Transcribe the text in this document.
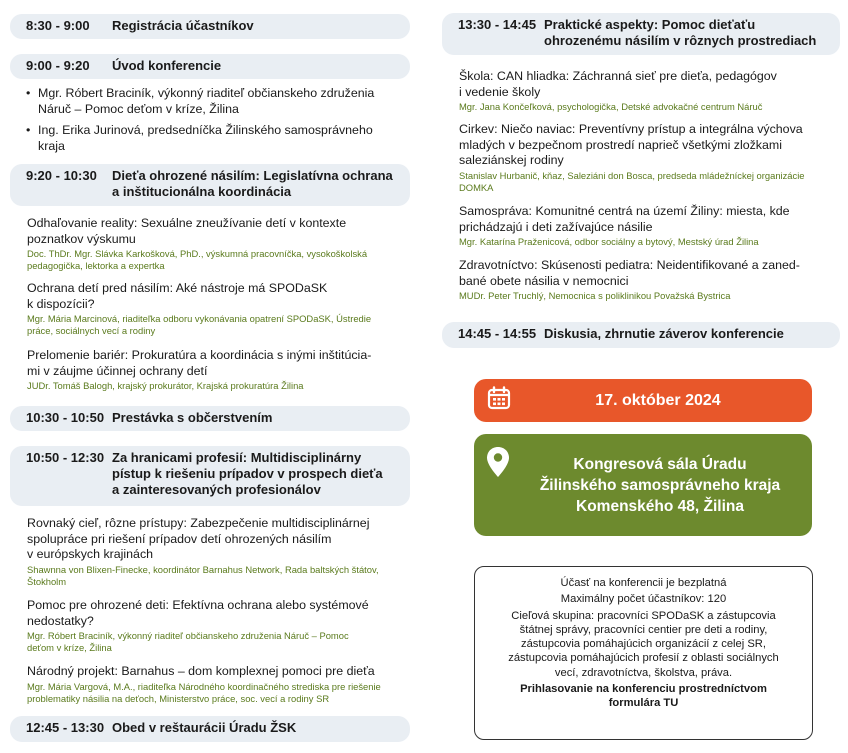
8:30 - 9:00	Registrácia účastníkov
9:00 - 9:20	Úvod konferencie
• Mgr. Róbert Braciník, výkonný riaditeľ občianskeho združenia
Náruč – Pomoc deťom v kríze, Žilina
• Ing. Erika Jurinová, predsedníčka Žilinského samosprávneho
kraja
9:20 - 10:30	Dieťa ohrozené násilím: Legislatívna ochrana
a inštitucionálna koordinácia
Odhaľovanie reality: Sexuálne zneužívanie detí v kontexte
poznatkov výskumu
Doc. ThDr. Mgr. Slávka Karkošková, PhD., výskumná pracovníčka, vysokoškolská
pedagogička, lektorka a expertka
Ochrana detí pred násilím: Aké nástroje má SPODaSK
k dispozícii?
Mgr. Mária Marcinová, riaditeľka odboru vykonávania opatrení SPODaSK, Ústredie
práce, sociálnych vecí a rodiny
Prelomenie bariér: Prokuratúra a koordinácia s inými inštitúcia-
mi v záujme účinnej ochrany detí
JUDr. Tomáš Balogh, krajský prokurátor, Krajská prokuratúra Žilina
10:30 - 10:50 Prestávka s občerstvením
10:50 - 12:30 Za hranicami profesií: Multidisciplinárny
pístup k riešeniu prípadov v prospech dieťa
a zainteresovaných profesionálov
Rovnaký cieľ, rôzne prístupy: Zabezpečenie multidisciplinárnej
spolupráce pri riešení prípadov detí ohrozených násilím
v európskych krajinách
Shawnna von Blixen-Finecke, koordinátor Barnahus Network, Rada baltských štátov,
Štokholm
Pomoc pre ohrozené deti: Efektívna ochrana alebo systémové
nedostatky?
Mgr. Róbert Braciník, výkonný riaditeľ občianskeho združenia Náruč – Pomoc
deťom v kríze, Žilina
Národný projekt: Barnahus – dom komplexnej pomoci pre dieťa
Mgr. Mária Vargová, M.A., riaditeľka Národného koordinačného strediska pre riešenie
problematiky násilia na deťoch, Ministerstvo práce, soc. vecí a rodiny SR
12:45 - 13:30 Obed v reštaurácii Úradu ŽSK
13:30 - 14:45 Praktické aspekty: Pomoc dieťaťu
ohrozenému násilím v rôznych prostrediach
Škola: CAN hliadka: Záchranná sieť pre dieťa, pedagógov
i vedenie školy
Mgr. Jana Končeľková, psychologička, Detské advokačné centrum Náruč
Cirkev: Niečo naviac: Preventívny prístup a integrálna výchova
mladých v bezpečnom prostredí naprieč všetkými zložkami
saleziánskej rodiny
Stanislav Hurbanič, kňaz, Saleziáni don Bosca, predseda mládežníckej organizácie
DOMKA
Samospráva: Komunitné centrá na území Žiliny: miesta, kde
prichádzajú i deti zažívajúce násilie
Mgr. Katarína Praženicová, odbor sociálny a bytový, Mestský úrad Žilina
Zdravotníctvo: Skúsenosti pediatra: Neidentifikované a zaned-
bané obete násilia v nemocnici
MUDr. Peter Truchlý, Nemocnica s poliklinikou Považská Bystrica
14:45 - 14:55 Diskusia, zhrnutie záverov konferencie
17. október 2024
Kongresová sála Úradu
Žilinského samosprávneho kraja
Komenského 48, Žilina
Účasť na konferencii je bezplatná
Maximálny počet účastníkov: 120
Cieľová skupina: pracovníci SPODaSK a zástupcovia
štátnej správy, pracovníci centier pre deti a rodiny,
zástupcovia pomáhajúcich organizácií z celej SR,
zástupcovia pomáhajúcich profesií z oblasti sociálnych
vecí, zdravotníctva, školstva, práva.
Prihlasovanie na konferenciu prostredníctvom
formulára TU
